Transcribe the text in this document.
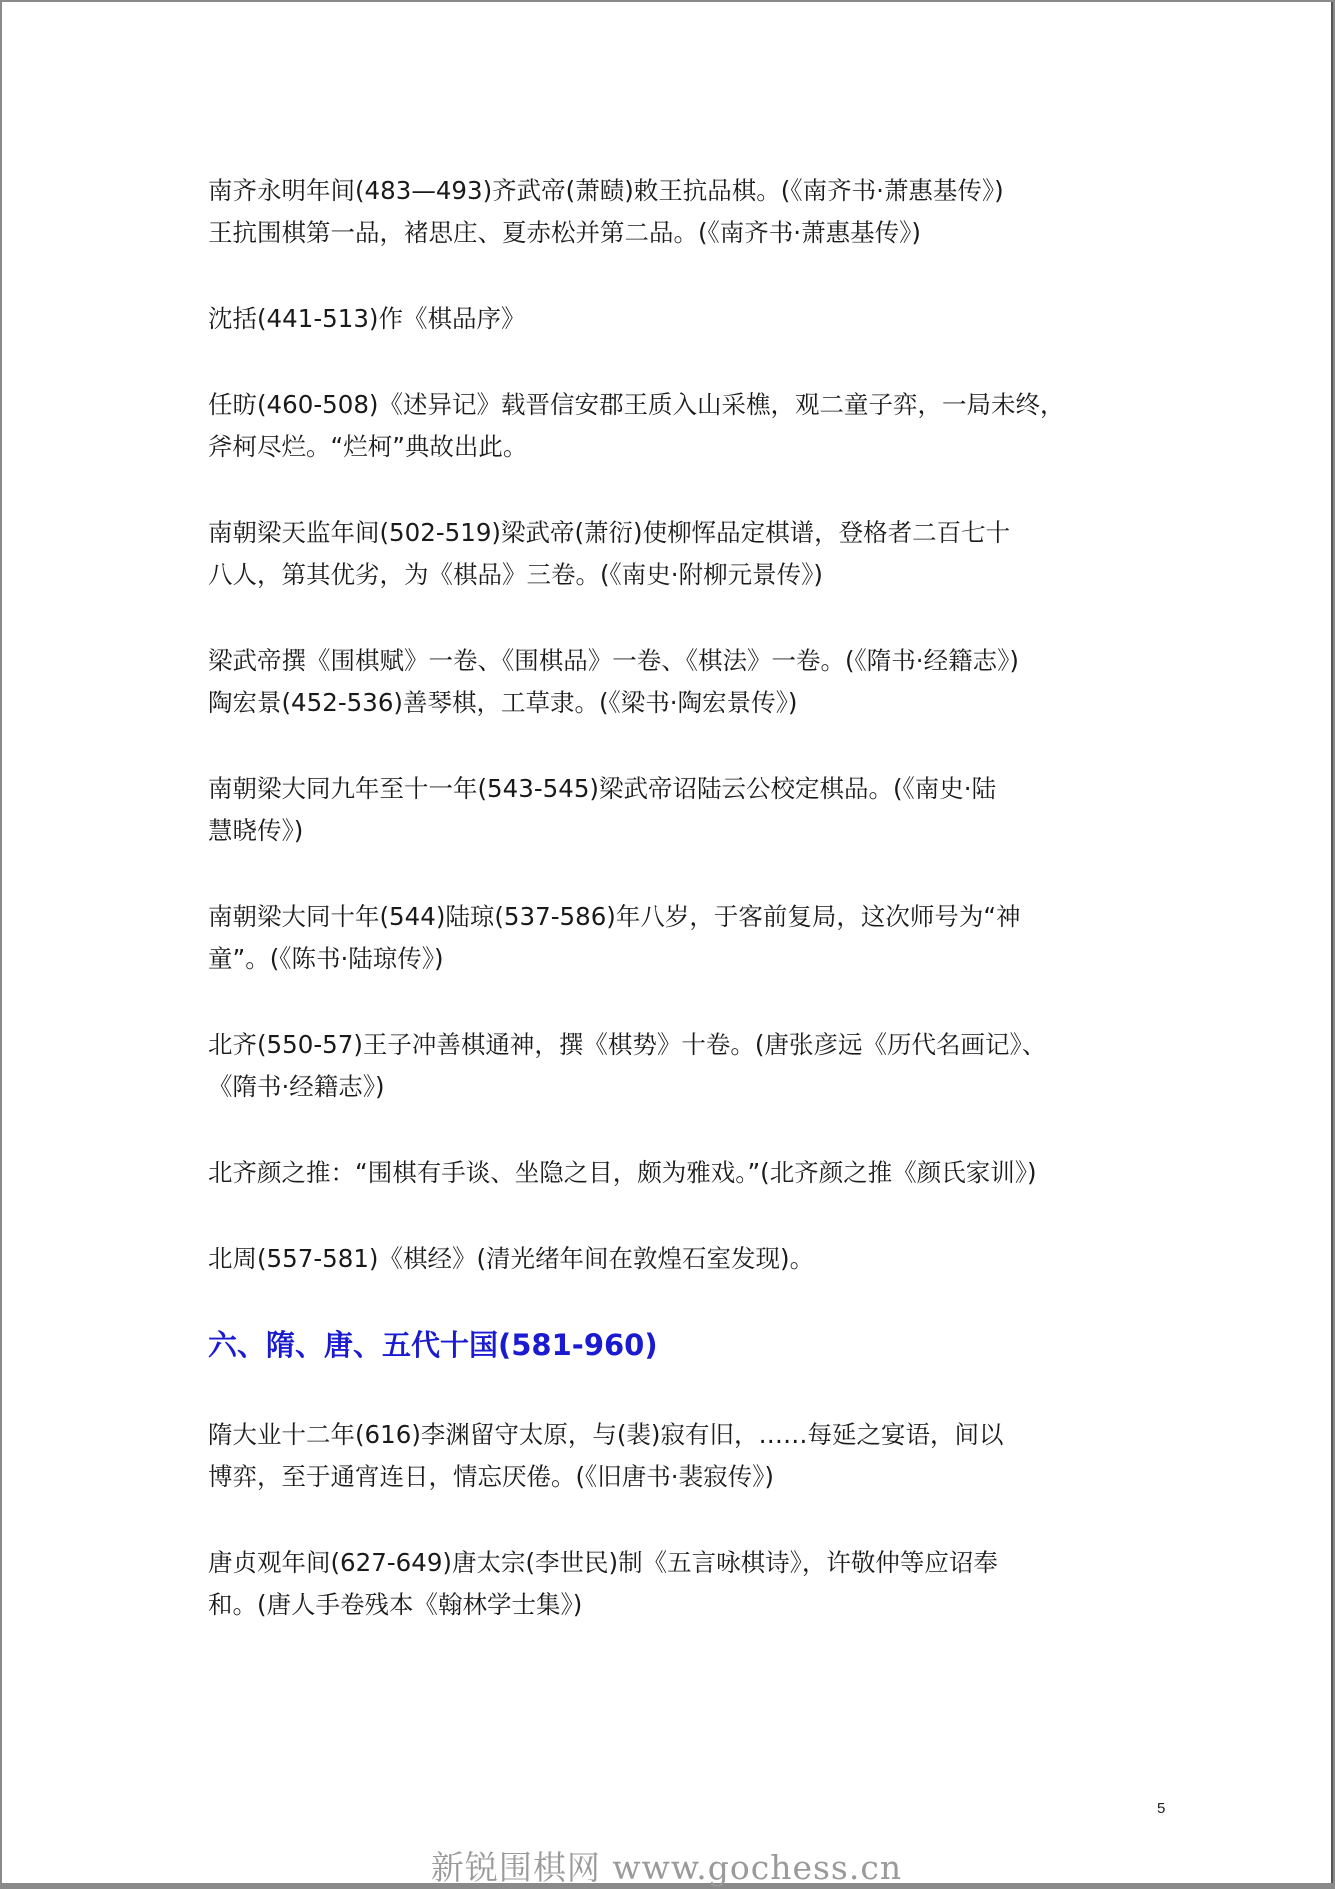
南齐永明年间(483—493)齐武帝(萧赜)敕王抗品棋。(《南齐书·萧惠基传》)
王抗围棋第一品，褚思庄、夏赤松并第二品。(《南齐书·萧惠基传》)
沈括(441-513)作《棋品序》
任昉(460-508)《述异记》载晋信安郡王质入山采樵，观二童子弈，一局未终，
斧柯尽烂。“烂柯”典故出此。
南朝梁天监年间(502-519)梁武帝(萧衍)使柳恽品定棋谱，登格者二百七十
八人，第其优劣，为《棋品》三卷。(《南史·附柳元景传》)
梁武帝撰《围棋赋》一卷、《围棋品》一卷、《棋法》一卷。(《隋书·经籍志》)
陶宏景(452-536)善琴棋，工草隶。(《梁书·陶宏景传》)
南朝梁大同九年至十一年(543-545)梁武帝诏陆云公校定棋品。(《南史·陆
慧晓传》)
南朝梁大同十年(544)陆琼(537-586)年八岁，于客前复局，这次师号为“神
童”。(《陈书·陆琼传》)
北齐(550-57)王子冲善棋通神，撰《棋势》十卷。(唐张彦远《历代名画记》、
《隋书·经籍志》)
北齐颜之推：“围棋有手谈、坐隐之目，颇为雅戏。”(北齐颜之推《颜氏家训》)
北周(557-581)《棋经》(清光绪年间在敦煌石室发现)。
六、隋、唐、五代十国(581-960)
隋大业十二年(616)李渊留守太原，与(裴)寂有旧，……每延之宴语，间以
博弈，至于通宵连日，情忘厌倦。(《旧唐书·裴寂传》)
唐贞观年间(627-649)唐太宗(李世民)制《五言咏棋诗》，许敬仲等应诏奉
和。(唐人手卷残本《翰林学士集》)
5
新锐围棋网 www.gochess.cn
